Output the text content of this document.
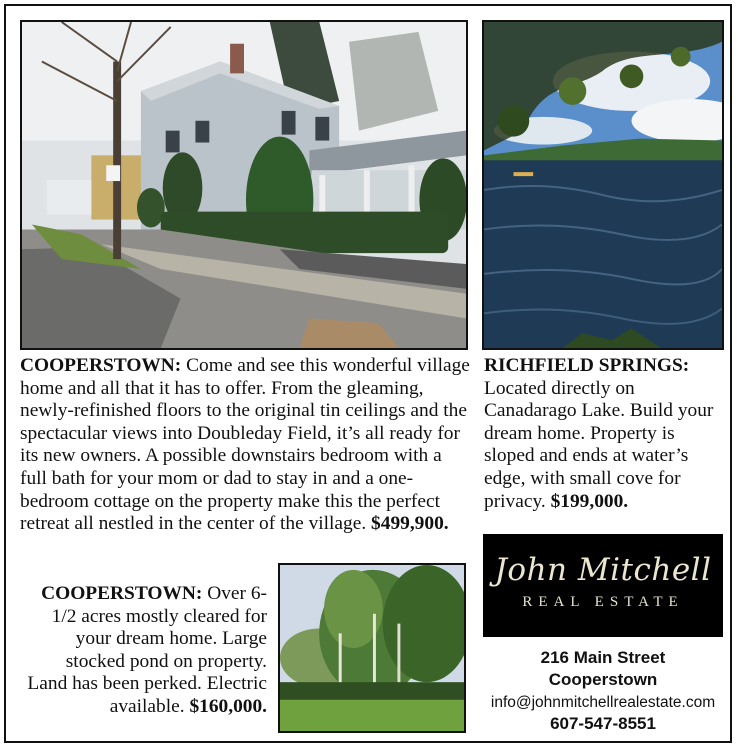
COOPERSTOWN: Come and see this wonderful village home and all that it has to offer. From the gleaming, newly-refinished floors to the original tin ceilings and the spectacular views into Doubleday Field, it’s all ready for its new owners. A possible downstairs bedroom with a full bath for your mom or dad to stay in and a one-bedroom cottage on the property make this the perfect retreat all nestled in the center of the village. $499,900.
RICHFIELD SPRINGS:
Located directly on Canadarago Lake. Build your dream home. Property is sloped and ends at water’s edge, with small cove for privacy. $199,000.
COOPERSTOWN: Over 6-1/2 acres mostly cleared for your dream home. Large stocked pond on property. Land has been perked. Electric available. $160,000.
John Mitchell
REAL ESTATE
216 Main Street
Cooperstown
info@johnmitchellrealestate.com
607-547-8551
